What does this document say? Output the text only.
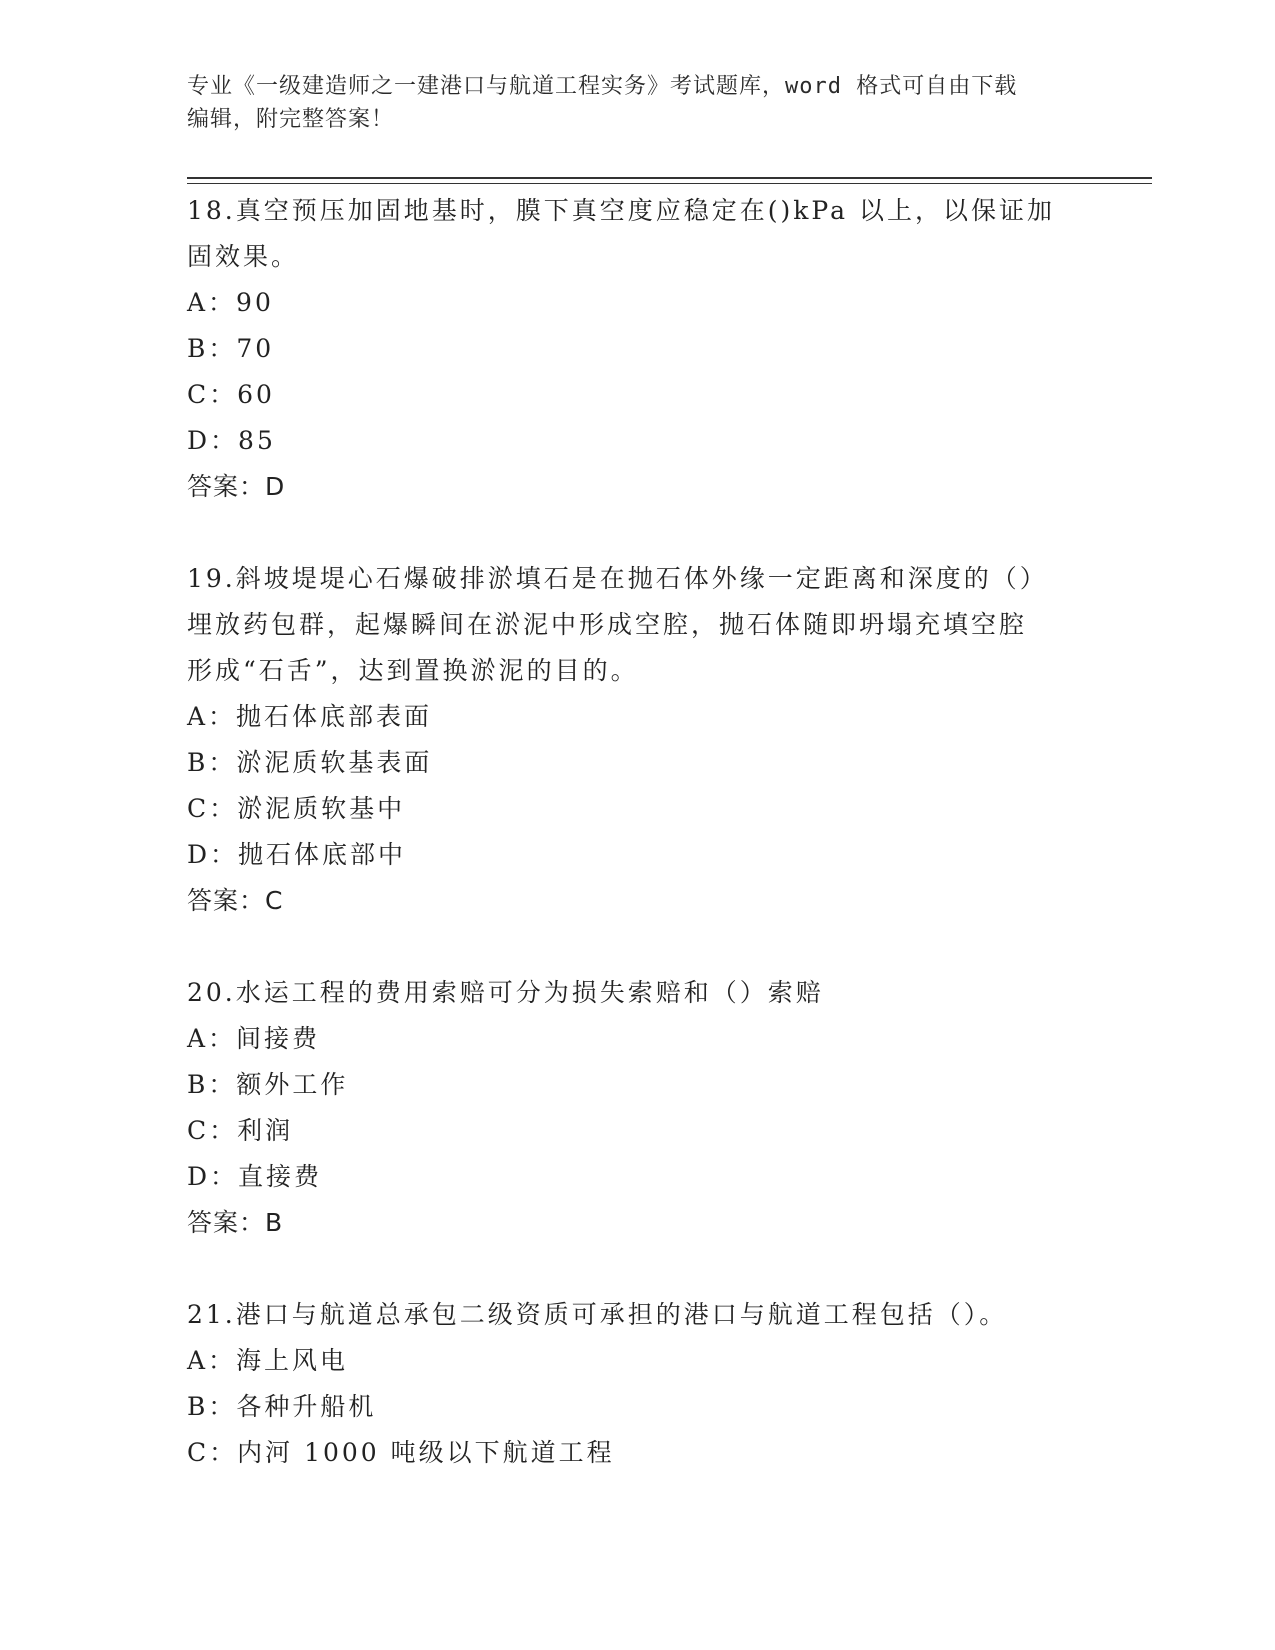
专业《一级建造师之一建港口与航道工程实务》考试题库，word 格式可自由下载
编辑，附完整答案！
18.真空预压加固地基时，膜下真空度应稳定在()kPa 以上，以保证加
固效果。
A：90
B：70
C：60
D：85
答案：D
19.斜坡堤堤心石爆破排淤填石是在抛石体外缘一定距离和深度的（）
埋放药包群，起爆瞬间在淤泥中形成空腔，抛石体随即坍塌充填空腔
形成“石舌”，达到置换淤泥的目的。
A：抛石体底部表面
B：淤泥质软基表面
C：淤泥质软基中
D：抛石体底部中
答案：C
20.水运工程的费用索赔可分为损失索赔和（）索赔
A：间接费
B：额外工作
C：利润
D：直接费
答案：B
21.港口与航道总承包二级资质可承担的港口与航道工程包括（）。
A：海上风电
B：各种升船机
C：内河 1000 吨级以下航道工程
